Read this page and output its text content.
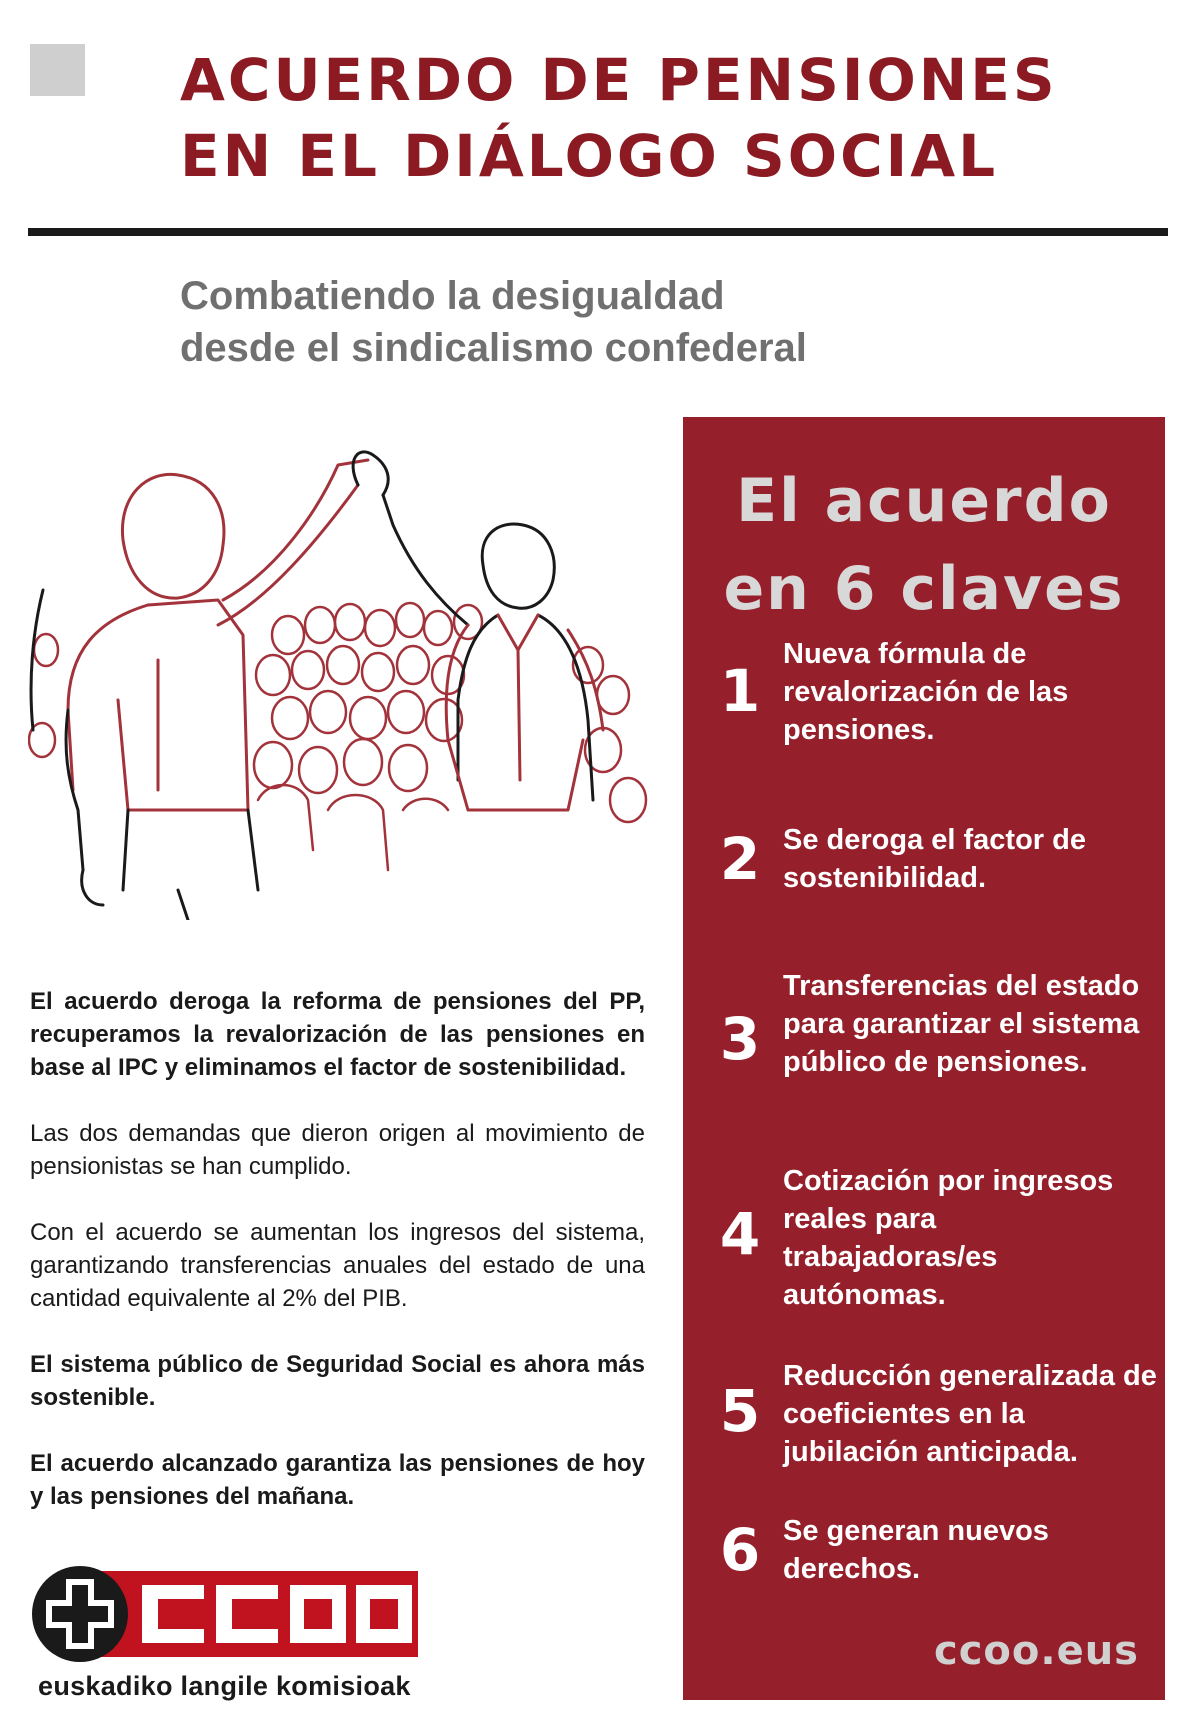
ACUERDO DE PENSIONES
EN EL DIÁLOGO SOCIAL
Combatiendo la desigualdad
desde el sindicalismo confederal

El acuerdo deroga la reforma de pensiones del PP, recuperamos la revalorización de las pensiones en base al IPC y eliminamos el factor de sostenibilidad.

Las dos demandas que dieron origen al movimiento de pensionistas se han cumplido.

Con el acuerdo se aumentan los ingresos del sistema, garantizando transferencias anuales del estado de una cantidad equivalente al 2% del PIB.

El sistema público de Seguridad Social es ahora más sostenible.

El acuerdo alcanzado garantiza las pensiones de hoy y las pensiones del mañana.

euskadiko langile komisioak
El acuerdo
en 6 claves
1
Nueva fórmula de revalorización de las pensiones.
2 Se deroga el factor de sostenibilidad.
3
Transferencias del estado para garantizar el sistema público de pensiones.
4
Cotización por ingresos reales para trabajadoras/es autónomas.
5
Reducción generalizada de coeficientes en la jubilación anticipada.
6 Se generan nuevos derechos.
ccoo.eus
